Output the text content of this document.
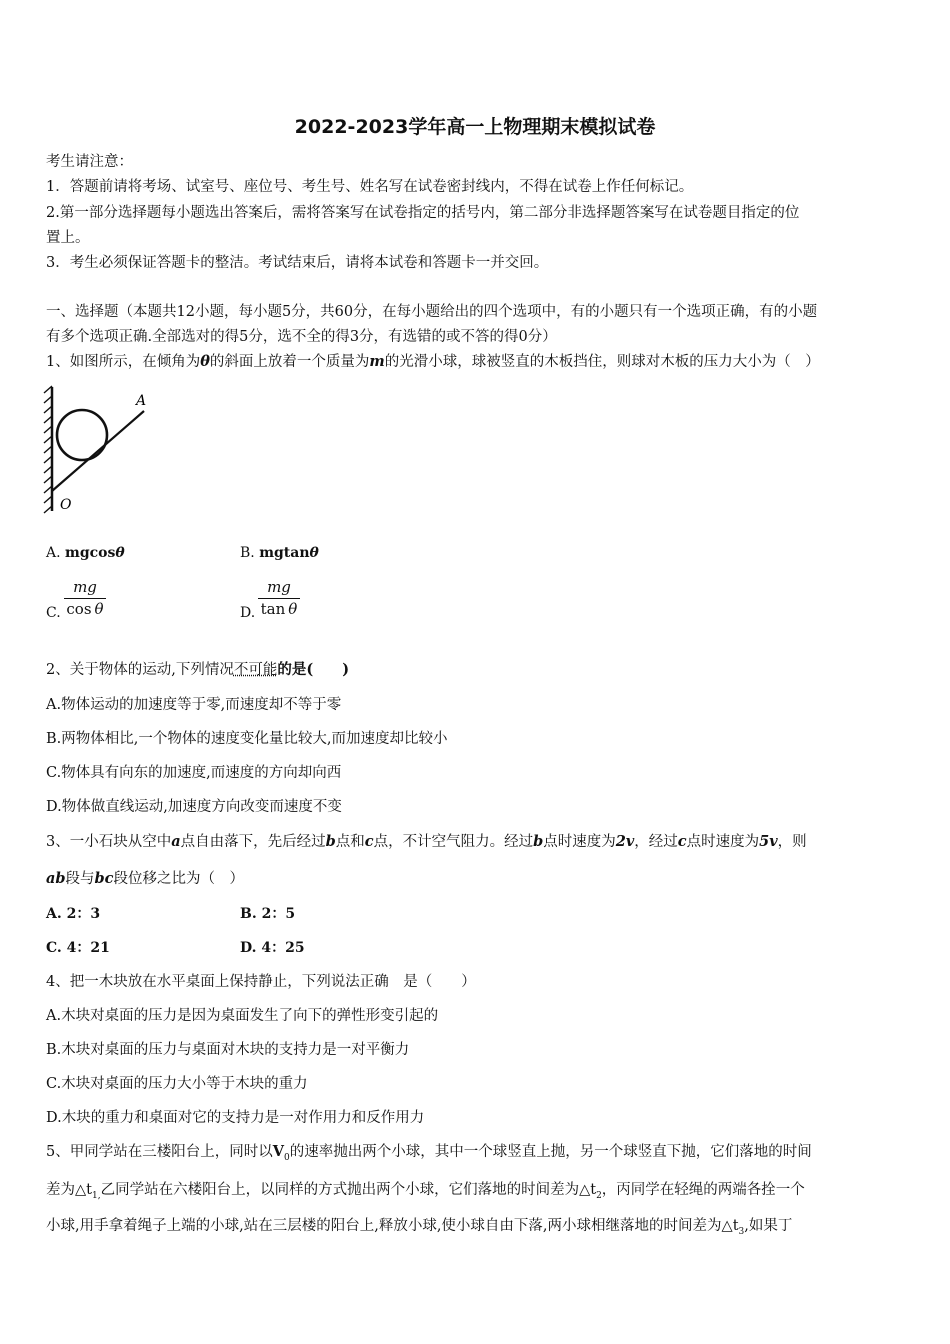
2022-2023学年高一上物理期末模拟试卷
考生请注意：
1．答题前请将考场、试室号、座位号、考生号、姓名写在试卷密封线内，不得在试卷上作任何标记。
2.第一部分选择题每小题选出答案后，需将答案写在试卷指定的括号内，第二部分非选择题答案写在试卷题目指定的位
置上。
3．考生必须保证答题卡的整洁。考试结束后，请将本试卷和答题卡一并交回。
一、选择题（本题共12小题，每小题5分，共60分，在每小题给出的四个选项中，有的小题只有一个选项正确，有的小题
有多个选项正确.全部选对的得5分，选不全的得3分，有选错的或不答的得0分）
1、如图所示，在倾角为θ的斜面上放着一个质量为m的光滑小球，球被竖直的木板挡住，则球对木板的压力大小为（　）
A
O
A. mgcosθ	B. mgtanθ
C.
mg
cos  θ	D.
mg
tan  θ
2、关于物体的运动,下列情况不可能的是(　　)
A.物体运动的加速度等于零,而速度却不等于零
B.两物体相比,一个物体的速度变化量比较大,而加速度却比较小
C.物体具有向东的加速度,而速度的方向却向西
D.物体做直线运动,加速度方向改变而速度不变
3、一小石块从空中a点自由落下，先后经过b点和c点，不计空气阻力。经过b点时速度为2v，经过c点时速度为5v，则
ab段与bc段位移之比为（　）
A. 2：3	B. 2：5
C. 4：21	D. 4：25
4、把一木块放在水平桌面上保持静止，下列说法正确　是（　　）
A.木块对桌面的压力是因为桌面发生了向下的弹性形变引起的
B.木块对桌面的压力与桌面对木块的支持力是一对平衡力
C.木块对桌面的压力大小等于木块的重力
D.木块的重力和桌面对它的支持力是一对作用力和反作用力
5、甲同学站在三楼阳台上，同时以$V_0$的速率抛出两个小球，其中一个球竖直上抛，另一个球竖直下抛，它们落地的时间
差为$\triangle t_{1,}$乙同学站在六楼阳台上，以同样的方式抛出两个小球，它们落地的时间差为$\triangle t_2$，丙同学在轻绳的两端各拴一个
小球,用手拿着绳子上端的小球,站在三层楼的阳台上,释放小球,使小球自由下落,两小球相继落地的时间差为$\triangle t_3$,如果丁
